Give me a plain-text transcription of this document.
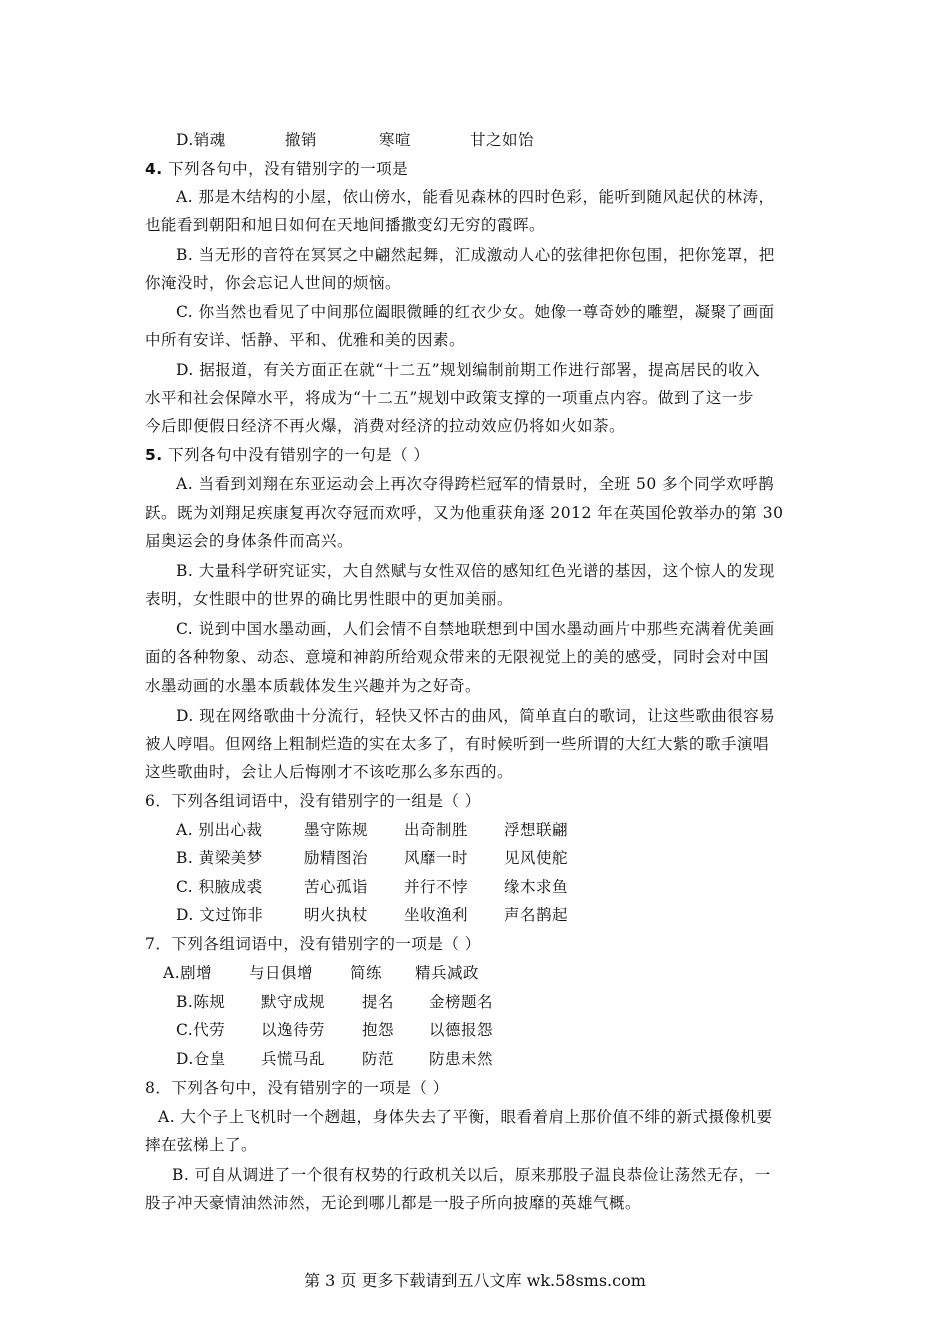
D.销魂	撤销	寒喧	甘之如饴
4. 下列各句中，没有错别字的一项是
A. 那是木结构的小屋，依山傍水，能看见森林的四时色彩，能听到随风起伏的林涛，
也能看到朝阳和旭日如何在天地间播撒变幻无穷的霞晖。
B. 当无形的音符在冥冥之中翩然起舞，汇成激动人心的弦律把你包围，把你笼罩，把
你淹没时，你会忘记人世间的烦恼。
C. 你当然也看见了中间那位阖眼微睡的红衣少女。她像一尊奇妙的雕塑，凝聚了画面
中所有安详、恬静、平和、优雅和美的因素。
D. 据报道，有关方面正在就“十二五”规划编制前期工作进行部署，提高居民的收入
水平和社会保障水平，将成为“十二五”规划中政策支撑的一项重点内容。做到了这一步
今后即便假日经济不再火爆，消费对经济的拉动效应仍将如火如荼。
5. 下列各句中没有错别字的一句是（ ）
A. 当看到刘翔在东亚运动会上再次夺得跨栏冠军的情景时，全班 50 多个同学欢呼鹊
跃。既为刘翔足疾康复再次夺冠而欢呼，又为他重获角逐 2012 年在英国伦敦举办的第 30
届奥运会的身体条件而高兴。
B. 大量科学研究证实，大自然赋与女性双倍的感知红色光谱的基因，这个惊人的发现
表明，女性眼中的世界的确比男性眼中的更加美丽。
C. 说到中国水墨动画，人们会情不自禁地联想到中国水墨动画片中那些充满着优美画
面的各种物象、动态、意境和神韵所给观众带来的无限视觉上的美的感受，同时会对中国
水墨动画的水墨本质载体发生兴趣并为之好奇。
D. 现在网络歌曲十分流行，轻快又怀古的曲风，简单直白的歌词，让这些歌曲很容易
被人哼唱。但网络上粗制烂造的实在太多了，有时候听到一些所谓的大红大紫的歌手演唱
这些歌曲时，会让人后悔刚才不该吃那么多东西的。
6．下列各组词语中，没有错别字的一组是（ ）
A. 别出心裁	墨守陈规 出奇制胜 浮想联翩
B. 黄梁美梦	励精图治 风靡一时 见风使舵
C. 积腋成裘	苦心孤诣 并行不悖 缘木求鱼
D. 文过饰非	明火执杖 坐收渔利 声名鹊起
7．下列各组词语中，没有错别字的一项是（ ）
A.剧增 与日俱增 简练 精兵减政
B.陈规 默守成规 提名 金榜题名
C.代劳 以逸待劳 抱怨 以德报怨
D.仓皇 兵慌马乱 防范 防患未然
8．下列各句中，没有错别字的一项是（ ）
A. 大个子上飞机时一个趔趄，身体失去了平衡，眼看着肩上那价值不绯的新式摄像机要
摔在弦梯上了。
B. 可自从调进了一个很有权势的行政机关以后，原来那股子温良恭俭让荡然无存，一
股子冲天豪情油然沛然，无论到哪儿都是一股子所向披靡的英雄气概。
第 3 页 更多下载请到五八文库 wk.58sms.com
